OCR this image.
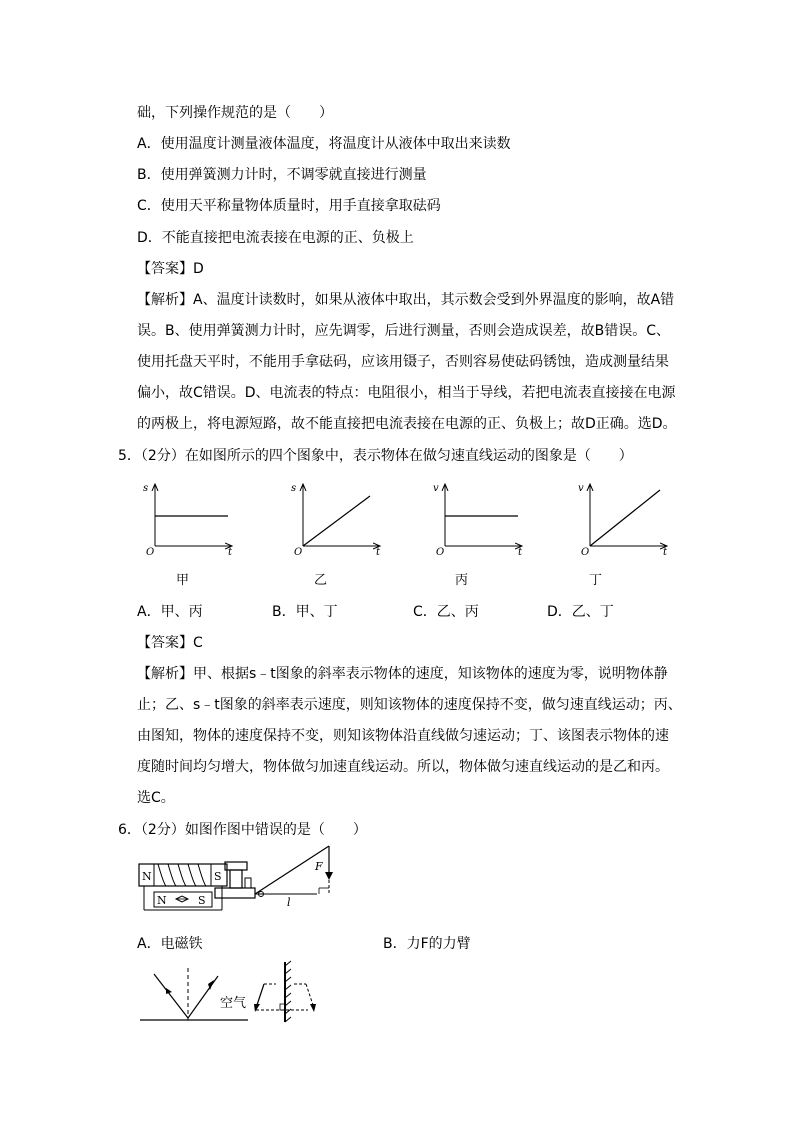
础，下列操作规范的是（　　）
A．使用温度计测量液体温度，将温度计从液体中取出来读数
B．使用弹簧测力计时，不调零就直接进行测量
C．使用天平称量物体质量时，用手直接拿取砝码
D．不能直接把电流表接在电源的正、负极上
【答案】D
【解析】A、温度计读数时，如果从液体中取出，其示数会受到外界温度的影响，故A错
误。B、使用弹簧测力计时，应先调零，后进行测量，否则会造成误差，故B错误。C、
使用托盘天平时，不能用手拿砝码，应该用镊子，否则容易使砝码锈蚀，造成测量结果
偏小，故C错误。D、电流表的特点：电阻很小，相当于导线，若把电流表直接接在电源
的两极上，将电源短路，故不能直接把电流表接在电源的正、负极上；故D正确。选D。
5．（2分）在如图所示的四个图象中，表示物体在做匀速直线运动的图象是（　　）
s
O	t
s
O	t
v
O	t
v
O	t
甲	乙	丙	丁
A．甲、丙	B．甲、丁	C．乙、丙	D．乙、丁
【答案】C
【解析】甲、根据s﹣t图象的斜率表示物体的速度，知该物体的速度为零，说明物体静
止；乙、s﹣t图象的斜率表示速度，则知该物体的速度保持不变，做匀速直线运动；丙、
由图知，物体的速度保持不变，则知该物体沿直线做匀速运动；丁、该图表示物体的速
度随时间均匀增大，物体做匀加速直线运动。所以，物体做匀速直线运动的是乙和丙。
选C。
6．（2分）如图作图中错误的是（　　）
N	S
N	S
F
l
A．电磁铁	B．力F的力臂
空气
